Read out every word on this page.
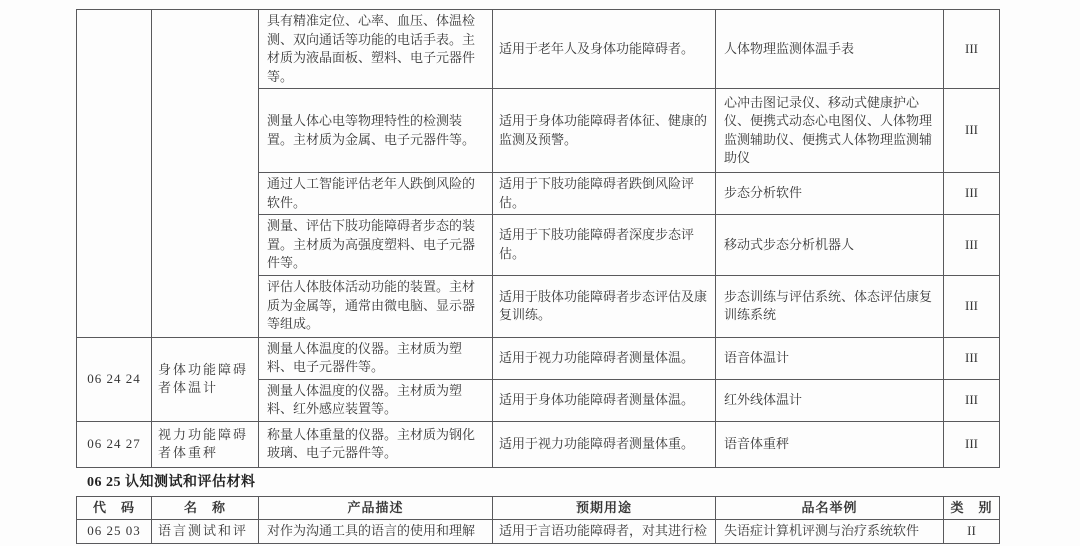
		具有精准定位、心率、血压、体温检测、双向通话等功能的电话手表。主材质为液晶面板、塑料、电子元器件等。	适用于老年人及身体功能障碍者。	人体物理监测体温手表	III
		测量人体心电等物理特性的检测装置。主材质为金属、电子元器件等。	适用于身体功能障碍者体征、健康的监测及预警。	心冲击图记录仪、移动式健康护心仪、便携式动态心电图仪、人体物理监测辅助仪、便携式人体物理监测辅助仪	III
		通过人工智能评估老年人跌倒风险的软件。	适用于下肢功能障碍者跌倒风险评估。	步态分析软件	III
		测量、评估下肢功能障碍者步态的装置。主材质为高强度塑料、电子元器件等。	适用于下肢功能障碍者深度步态评估。	移动式步态分析机器人	III
		评估人体肢体活动功能的装置。主材质为金属等，通常由微电脑、显示器等组成。	适用于肢体功能障碍者步态评估及康复训练。	步态训练与评估系统、体态评估康复训练系统	III
06 24 24	身体功能障碍者体温计	测量人体温度的仪器。主材质为塑料、电子元器件等。	适用于视力功能障碍者测量体温。	语音体温计	III
		测量人体温度的仪器。主材质为塑料、红外感应装置等。	适用于身体功能障碍者测量体温。	红外线体温计	III
06 24 27	视力功能障碍者体重秤	称量人体重量的仪器。主材质为钢化玻璃、电子元器件等。	适用于视力功能障碍者测量体重。	语音体重秤	III
06 25 认知测试和评估材料
代　码	名　称	产品描述	预期用途	品名举例	类　别
06 25 03	语言测试和评	对作为沟通工具的语言的使用和理解	适用于言语功能障碍者，对其进行检	失语症计算机评测与治疗系统软件	II
